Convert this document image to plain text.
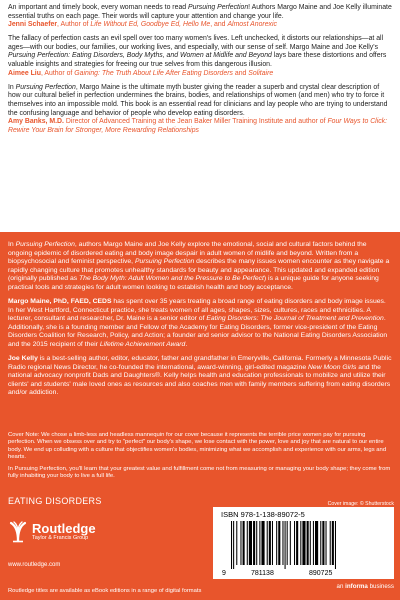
An important and timely book, every woman needs to read Pursuing Perfection! Authors Margo Maine and Joe Kelly illuminate essential truths on each page. Their words will capture your attention and change your life.

Jenni Schaefer, Author of Life Without Ed, Goodbye Ed, Hello Me, and Almost Anorexic

The fallacy of perfection casts an evil spell over too many women's lives. Left unchecked, it distorts our relationships—at all ages—with our bodies, our families, our working lives, and especially, with our sense of self. Margo Maine and Joe Kelly's Pursuing Perfection: Eating Disorders, Body Myths, and Women at Midlife and Beyond lays bare these distortions and offers valuable insights and strategies for freeing our true selves from this dangerous illusion.

Aimee Liu, Author of Gaining: The Truth About Life After Eating Disorders and Solitaire

In Pursuing Perfection, Margo Maine is the ultimate myth buster giving the reader a superb and crystal clear description of how our cultural belief in perfection undermines the brains, bodies, and relationships of women (and men) who try to force it themselves into an impossible mold. This book is an essential read for clinicians and lay people who are trying to understand the confusing language and behavior of people who develop eating disorders.

Amy Banks, M.D. Director of Advanced Training at the Jean Baker Miller Training Institute and author of Four Ways to Click: Rewire Your Brain for Stronger, More Rewarding Relationships

In Pursuing Perfection, authors Margo Maine and Joe Kelly explore the emotional, social and cultural factors behind the ongoing epidemic of disordered eating and body image despair in adult women of midlife and beyond. Written from a biopsychosocial and feminist perspective, Pursuing Perfection describes the many issues women encounter as they navigate a rapidly changing culture that promotes unhealthy standards for beauty and appearance. This updated and expanded edition (originally published as The Body Myth: Adult Women and the Pressure to Be Perfect) is a unique guide for anyone seeking practical tools and strategies for adult women looking to establish health and body acceptance.

Margo Maine, PhD, FAED, CEDS has spent over 35 years treating a broad range of eating disorders and body image issues. In her West Hartford, Connecticut practice, she treats women of all ages, shapes, sizes, cultures, races and ethnicities. A lecturer, consultant and researcher, Dr. Maine is a senior editor of Eating Disorders: The Journal of Treatment and Prevention. Additionally, she is a founding member and Fellow of the Academy for Eating Disorders, former vice-president of the Eating Disorders Coalition for Research, Policy, and Action; a founder and senior advisor to the National Eating Disorders Association and the 2015 recipient of their Lifetime Achievement Award.

Joe Kelly is a best-selling author, editor, educator, father and grandfather in Emeryville, California. Formerly a Minnesota Public Radio regional News Director, he co-founded the international, award-winning, girl-edited magazine New Moon Girls and the national advocacy nonprofit Dads and Daughters®. Kelly helps health and education professionals to mobilize and utilize their clients' and students' male loved ones as resources and also coaches men with family members suffering from eating disorders and/or addiction.

Cover Note: We chose a limb-less and headless mannequin for our cover because it represents the terrible price women pay for pursuing perfection. When we obsess over and try to "perfect" our body's shape, we lose contact with the power, love and joy that are natural to our entire body. We end up colluding with a culture that objectifies women's bodies, minimizing what we accomplish and experience with our arms, legs and hearts.

In Pursuing Perfection, you'll learn that your greatest value and fulfillment come not from measuring or managing your body shape; they come from fully inhabiting your body to live a full life.

EATING DISORDERS
Routledge
Taylor & Francis Group
www.routledge.com
Routledge titles are available as eBook editions in a range of digital formats
Cover image: © Shutterstock
ISBN 978-1-138-89072-5
9	781138	890725
an informa business
